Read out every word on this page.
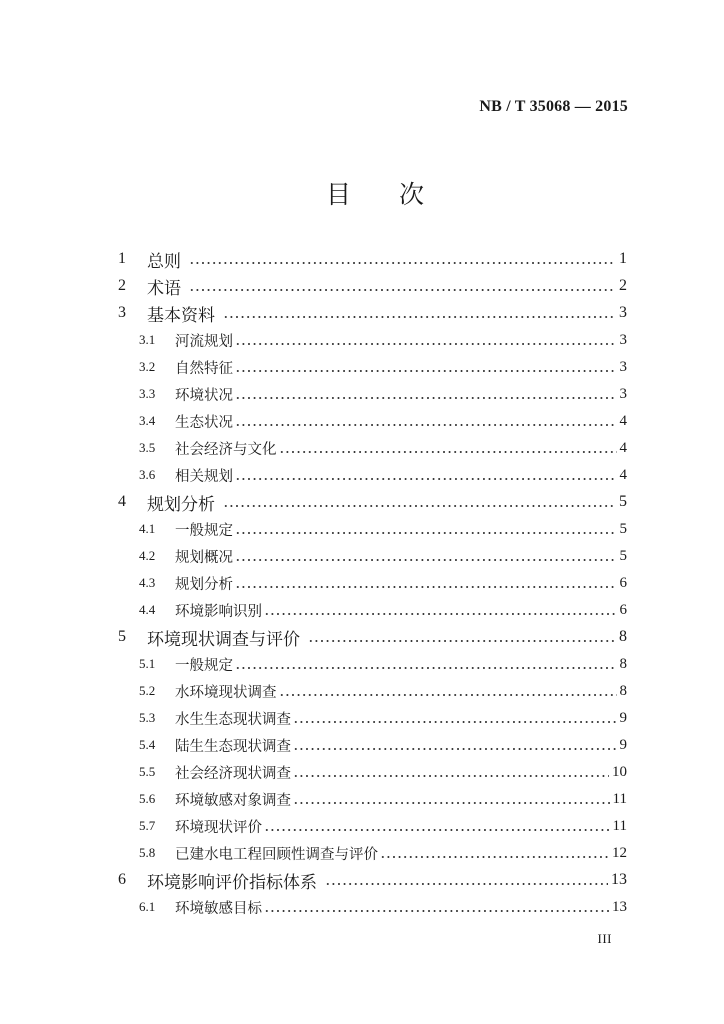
NB / T 35068 — 2015
目次
1	总则	1
2	术语	2
3	基本资料	3
3.1	河流规划	3
3.2	自然特征	3
3.3	环境状况	3
3.4	生态状况	4
3.5	社会经济与文化	4
3.6	相关规划	4
4	规划分析	5
4.1	一般规定	5
4.2	规划概况	5
4.3	规划分析	6
4.4	环境影响识别	6
5	环境现状调查与评价	8
5.1	一般规定	8
5.2	水环境现状调查	8
5.3	水生生态现状调查	9
5.4	陆生生态现状调查	9
5.5	社会经济现状调查	10
5.6	环境敏感对象调查	11
5.7	环境现状评价	11
5.8	已建水电工程回顾性调查与评价	12
6	环境影响评价指标体系	13
6.1	环境敏感目标	13
III
